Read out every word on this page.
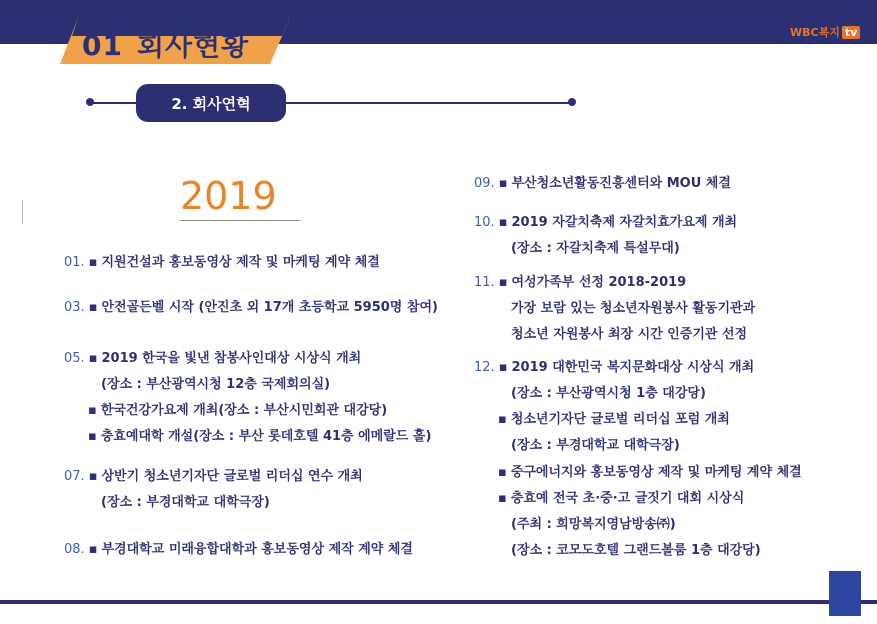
01 회사현황	WBC복지 tv
2. 회사연혁
2019
01. ▪ 지원건설과 홍보동영상 제작 및 마케팅 계약 체결
03. ▪ 안전골든벨 시작 (안진초 외 17개 초등학교 5950명 참여)
05. ▪ 2019 한국을 빛낸 참봉사인대상 시상식 개최
(장소 : 부산광역시청 12층 국제회의실)
▪ 한국건강가요제 개최(장소 : 부산시민회관 대강당)
▪ 충효예대학 개설(장소 : 부산 롯데호텔 41층 에메랄드 홀)
07. ▪ 상반기 청소년기자단 글로벌 리더십 연수 개최
(장소 : 부경대학교 대학극장)
08. ▪ 부경대학교 미래융합대학과 홍보동영상 제작 계약 체결
09. ▪ 부산청소년활동진흥센터와 MOU 체결
10. ▪ 2019 자갈치축제 자갈치효가요제 개최
(장소 : 자갈치축제 특설무대)
11. ▪ 여성가족부 선정 2018-2019
가장 보람 있는 청소년자원봉사 활동기관과
청소년 자원봉사 최장 시간 인증기관 선정
12. ▪ 2019 대한민국 복지문화대상 시상식 개최
(장소 : 부산광역시청 1층 대강당)
▪ 청소년기자단 글로벌 리더십 포럼 개최
(장소 : 부경대학교 대학극장)
▪ 중구에너지와 홍보동영상 제작 및 마케팅 계약 체결
▪ 충효예 전국 초·중·고 글짓기 대회 시상식
(주최 : 희망복지영남방송㈜)
(장소 : 코모도호텔 그랜드볼룸 1층 대강당)
